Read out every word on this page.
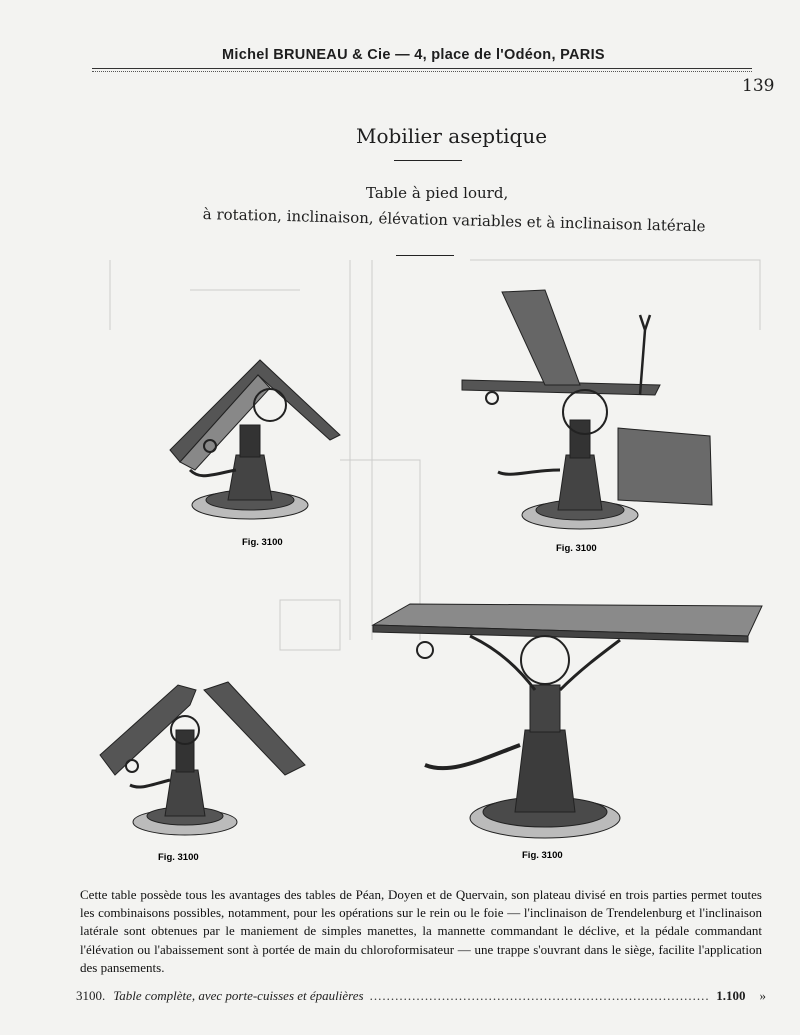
Michel BRUNEAU & Cie — 4, place de l'Odéon, PARIS
139
Mobilier aseptique
Table à pied lourd,
à rotation, inclinaison, élévation variables et à inclinaison latérale
Fig. 3100
Fig. 3100
Fig. 3100	Fig. 3100
Cette table possède tous les avantages des tables de Péan, Doyen et de Quervain, son plateau divisé en trois parties permet toutes les combinaisons possibles, notamment, pour les opérations sur le rein ou le foie — l'inclinaison de Trendelenburg et l'inclinaison latérale sont obtenues par le maniement de simples manettes, la mannette commandant le déclive, et la pédale commandant l'élévation ou l'abaissement sont à portée de main du chloroformisateur — une trappe s'ouvrant dans le siège, facilite l'application des pansements.
3100. Table complète, avec porte-cuisses et épaulières
.....	1.100 »
